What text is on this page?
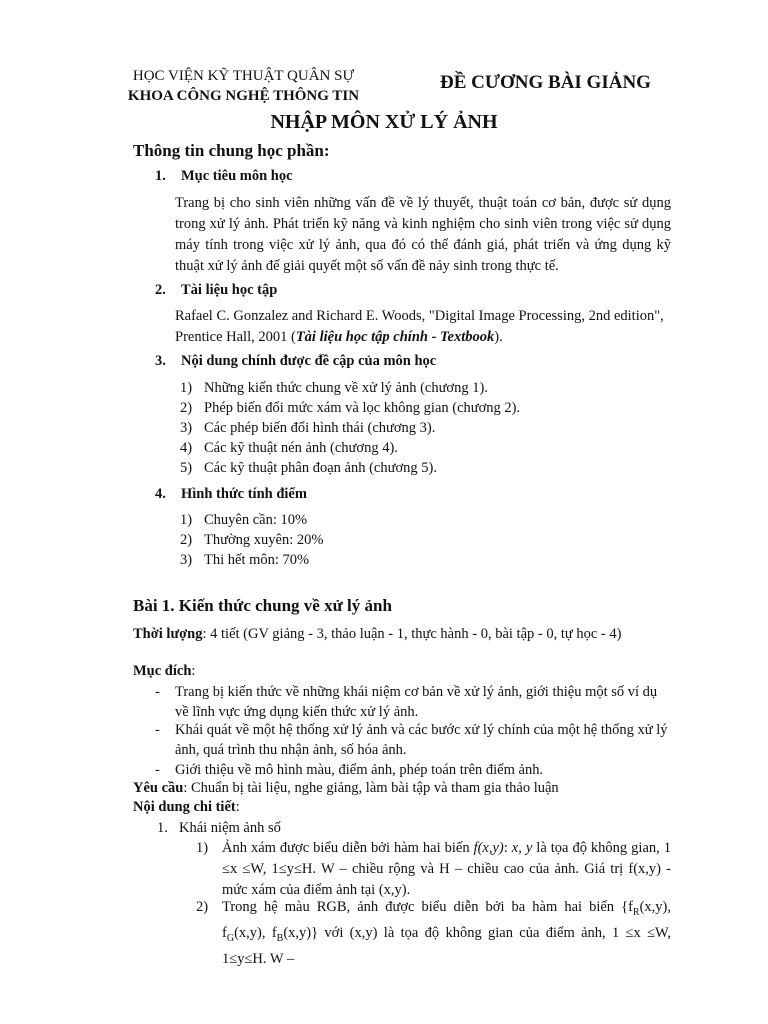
HỌC VIỆN KỸ THUẬT QUÂN SỰ
KHOA CÔNG NGHỆ THÔNG TIN
ĐỀ CƯƠNG BÀI GIẢNG
NHẬP MÔN XỬ LÝ ẢNH
Thông tin chung học phần:
1. Mục tiêu môn học
Trang bị cho sinh viên những vấn đề về lý thuyết, thuật toán cơ bản, được sử dụng trong xử lý ảnh. Phát triển kỹ năng và kinh nghiệm cho sinh viên trong việc sử dụng máy tính trong việc xử lý ảnh, qua đó có thể đánh giá, phát triển và ứng dụng kỹ thuật xử lý ảnh để giải quyết một số vấn đề nảy sinh trong thực tế.
2. Tài liệu học tập
Rafael C. Gonzalez and Richard E. Woods, "Digital Image Processing, 2nd edition", Prentice Hall, 2001 (Tài liệu học tập chính - Textbook).
3. Nội dung chính được đề cập của môn học
1) Những kiến thức chung về xử lý ảnh (chương 1).
2) Phép biến đổi mức xám và lọc không gian (chương 2).
3) Các phép biến đổi hình thái (chương 3).
4) Các kỹ thuật nén ảnh (chương 4).
5) Các kỹ thuật phân đoạn ảnh (chương 5).
4. Hình thức tính điểm
1) Chuyên cần: 10%
2) Thường xuyên: 20%
3) Thi hết môn: 70%
Bài 1. Kiến thức chung về xử lý ảnh
Thời lượng: 4 tiết (GV giảng - 3, thảo luận - 1, thực hành - 0, bài tập - 0, tự học - 4)
Mục đích:
- Trang bị kiến thức về những khái niệm cơ bản về xử lý ảnh, giới thiệu một số ví dụ về lĩnh vực ứng dụng kiến thức xử lý ảnh.
- Khái quát về một hệ thống xử lý ảnh và các bước xử lý chính của một hệ thống xử lý ảnh, quá trình thu nhận ảnh, số hóa ảnh.
- Giới thiệu về mô hình màu, điểm ảnh, phép toán trên điểm ảnh.
Yêu cầu: Chuẩn bị tài liệu, nghe giảng, làm bài tập và tham gia thảo luận
Nội dung chi tiết:
1. Khái niệm ảnh số
1) Ảnh xám được biểu diễn bởi hàm hai biến f(x,y): x, y là tọa độ không gian, 1 ≤x ≤W, 1≤y≤H. W – chiều rộng và H – chiều cao của ảnh. Giá trị f(x,y) - mức xám của điểm ảnh tại (x,y).
2) Trong hệ màu RGB, ảnh được biểu diễn bởi ba hàm hai biến {$f_R(x,y)$, $f_G(x,y)$, $f_B(x,y)$} với (x,y) là tọa độ không gian của điểm ảnh, 1 ≤x ≤W, 1≤y≤H. W –
